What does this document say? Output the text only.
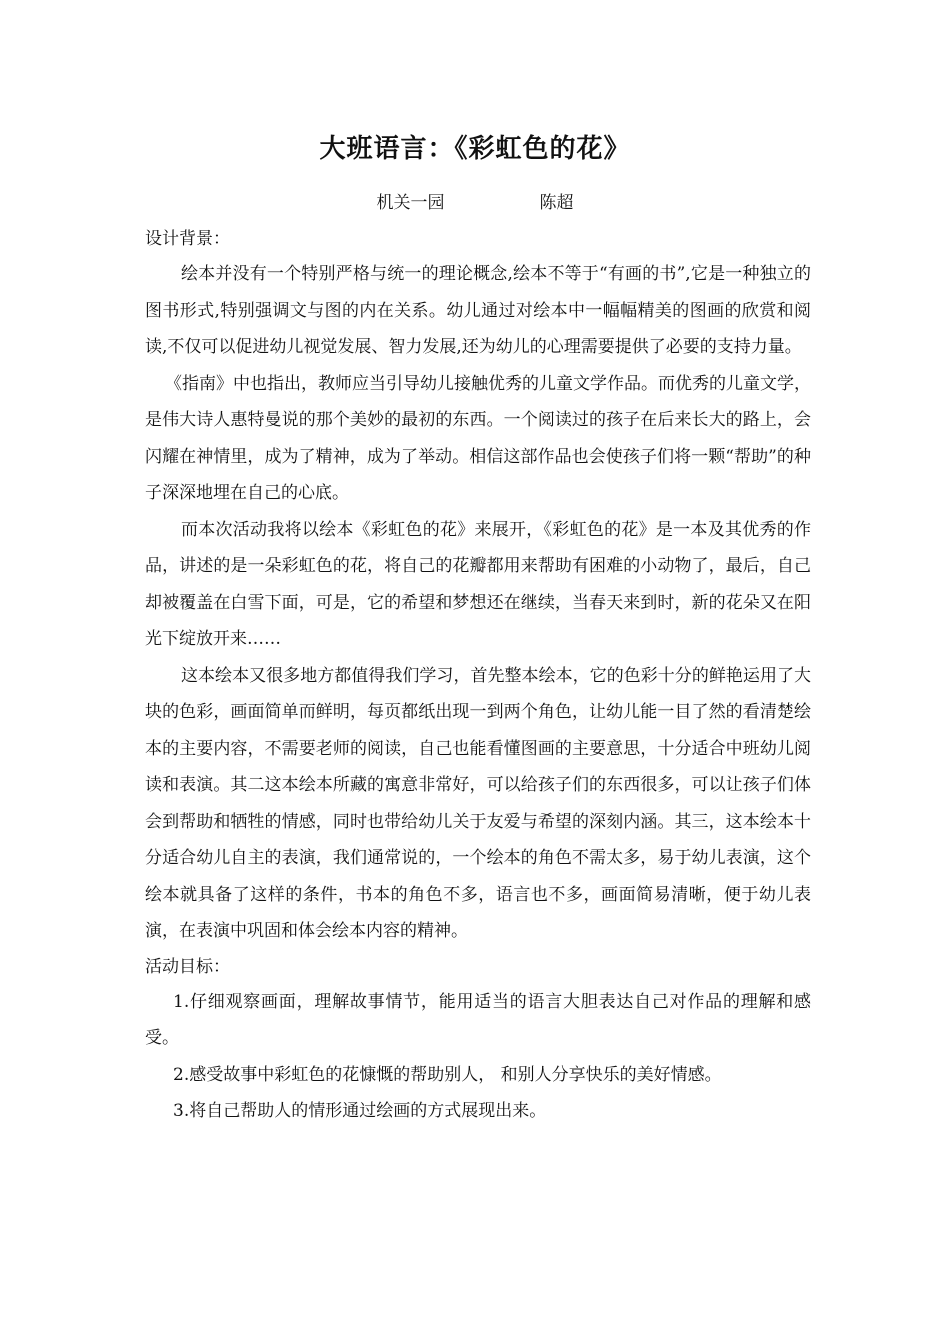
大班语言：《彩虹色的花》
机关一园	陈超

设计背景：

绘本并没有一个特别严格与统一的理论概念,绘本不等于“有画的书”,它是一种独立的图书形式,特别强调文与图的内在关系。幼儿通过对绘本中一幅幅精美的图画的欣赏和阅读,不仅可以促进幼儿视觉发展、智力发展,还为幼儿的心理需要提供了必要的支持力量。

《指南》中也指出，教师应当引导幼儿接触优秀的儿童文学作品。而优秀的儿童文学，是伟大诗人惠特曼说的那个美妙的最初的东西。一个阅读过的孩子在后来长大的路上，会闪耀在神情里，成为了精神，成为了举动。相信这部作品也会使孩子们将一颗“帮助”的种子深深地埋在自己的心底。

而本次活动我将以绘本《彩虹色的花》来展开，《彩虹色的花》是一本及其优秀的作品，讲述的是一朵彩虹色的花，将自己的花瓣都用来帮助有困难的小动物了，最后，自己却被覆盖在白雪下面，可是，它的希望和梦想还在继续，当春天来到时，新的花朵又在阳光下绽放开来……

这本绘本又很多地方都值得我们学习，首先整本绘本，它的色彩十分的鲜艳运用了大块的色彩，画面简单而鲜明，每页都纸出现一到两个角色，让幼儿能一目了然的看清楚绘本的主要内容，不需要老师的阅读，自己也能看懂图画的主要意思，十分适合中班幼儿阅读和表演。其二这本绘本所藏的寓意非常好，可以给孩子们的东西很多，可以让孩子们体会到帮助和牺牲的情感，同时也带给幼儿关于友爱与希望的深刻内涵。其三，这本绘本十分适合幼儿自主的表演，我们通常说的，一个绘本的角色不需太多，易于幼儿表演，这个绘本就具备了这样的条件，书本的角色不多，语言也不多，画面简易清晰，便于幼儿表演，在表演中巩固和体会绘本内容的精神。

活动目标：

1.仔细观察画面，理解故事情节，能用适当的语言大胆表达自己对作品的理解和感受。

2.感受故事中彩虹色的花慷慨的帮助别人， 和别人分享快乐的美好情感。

3.将自己帮助人的情形通过绘画的方式展现出来。
